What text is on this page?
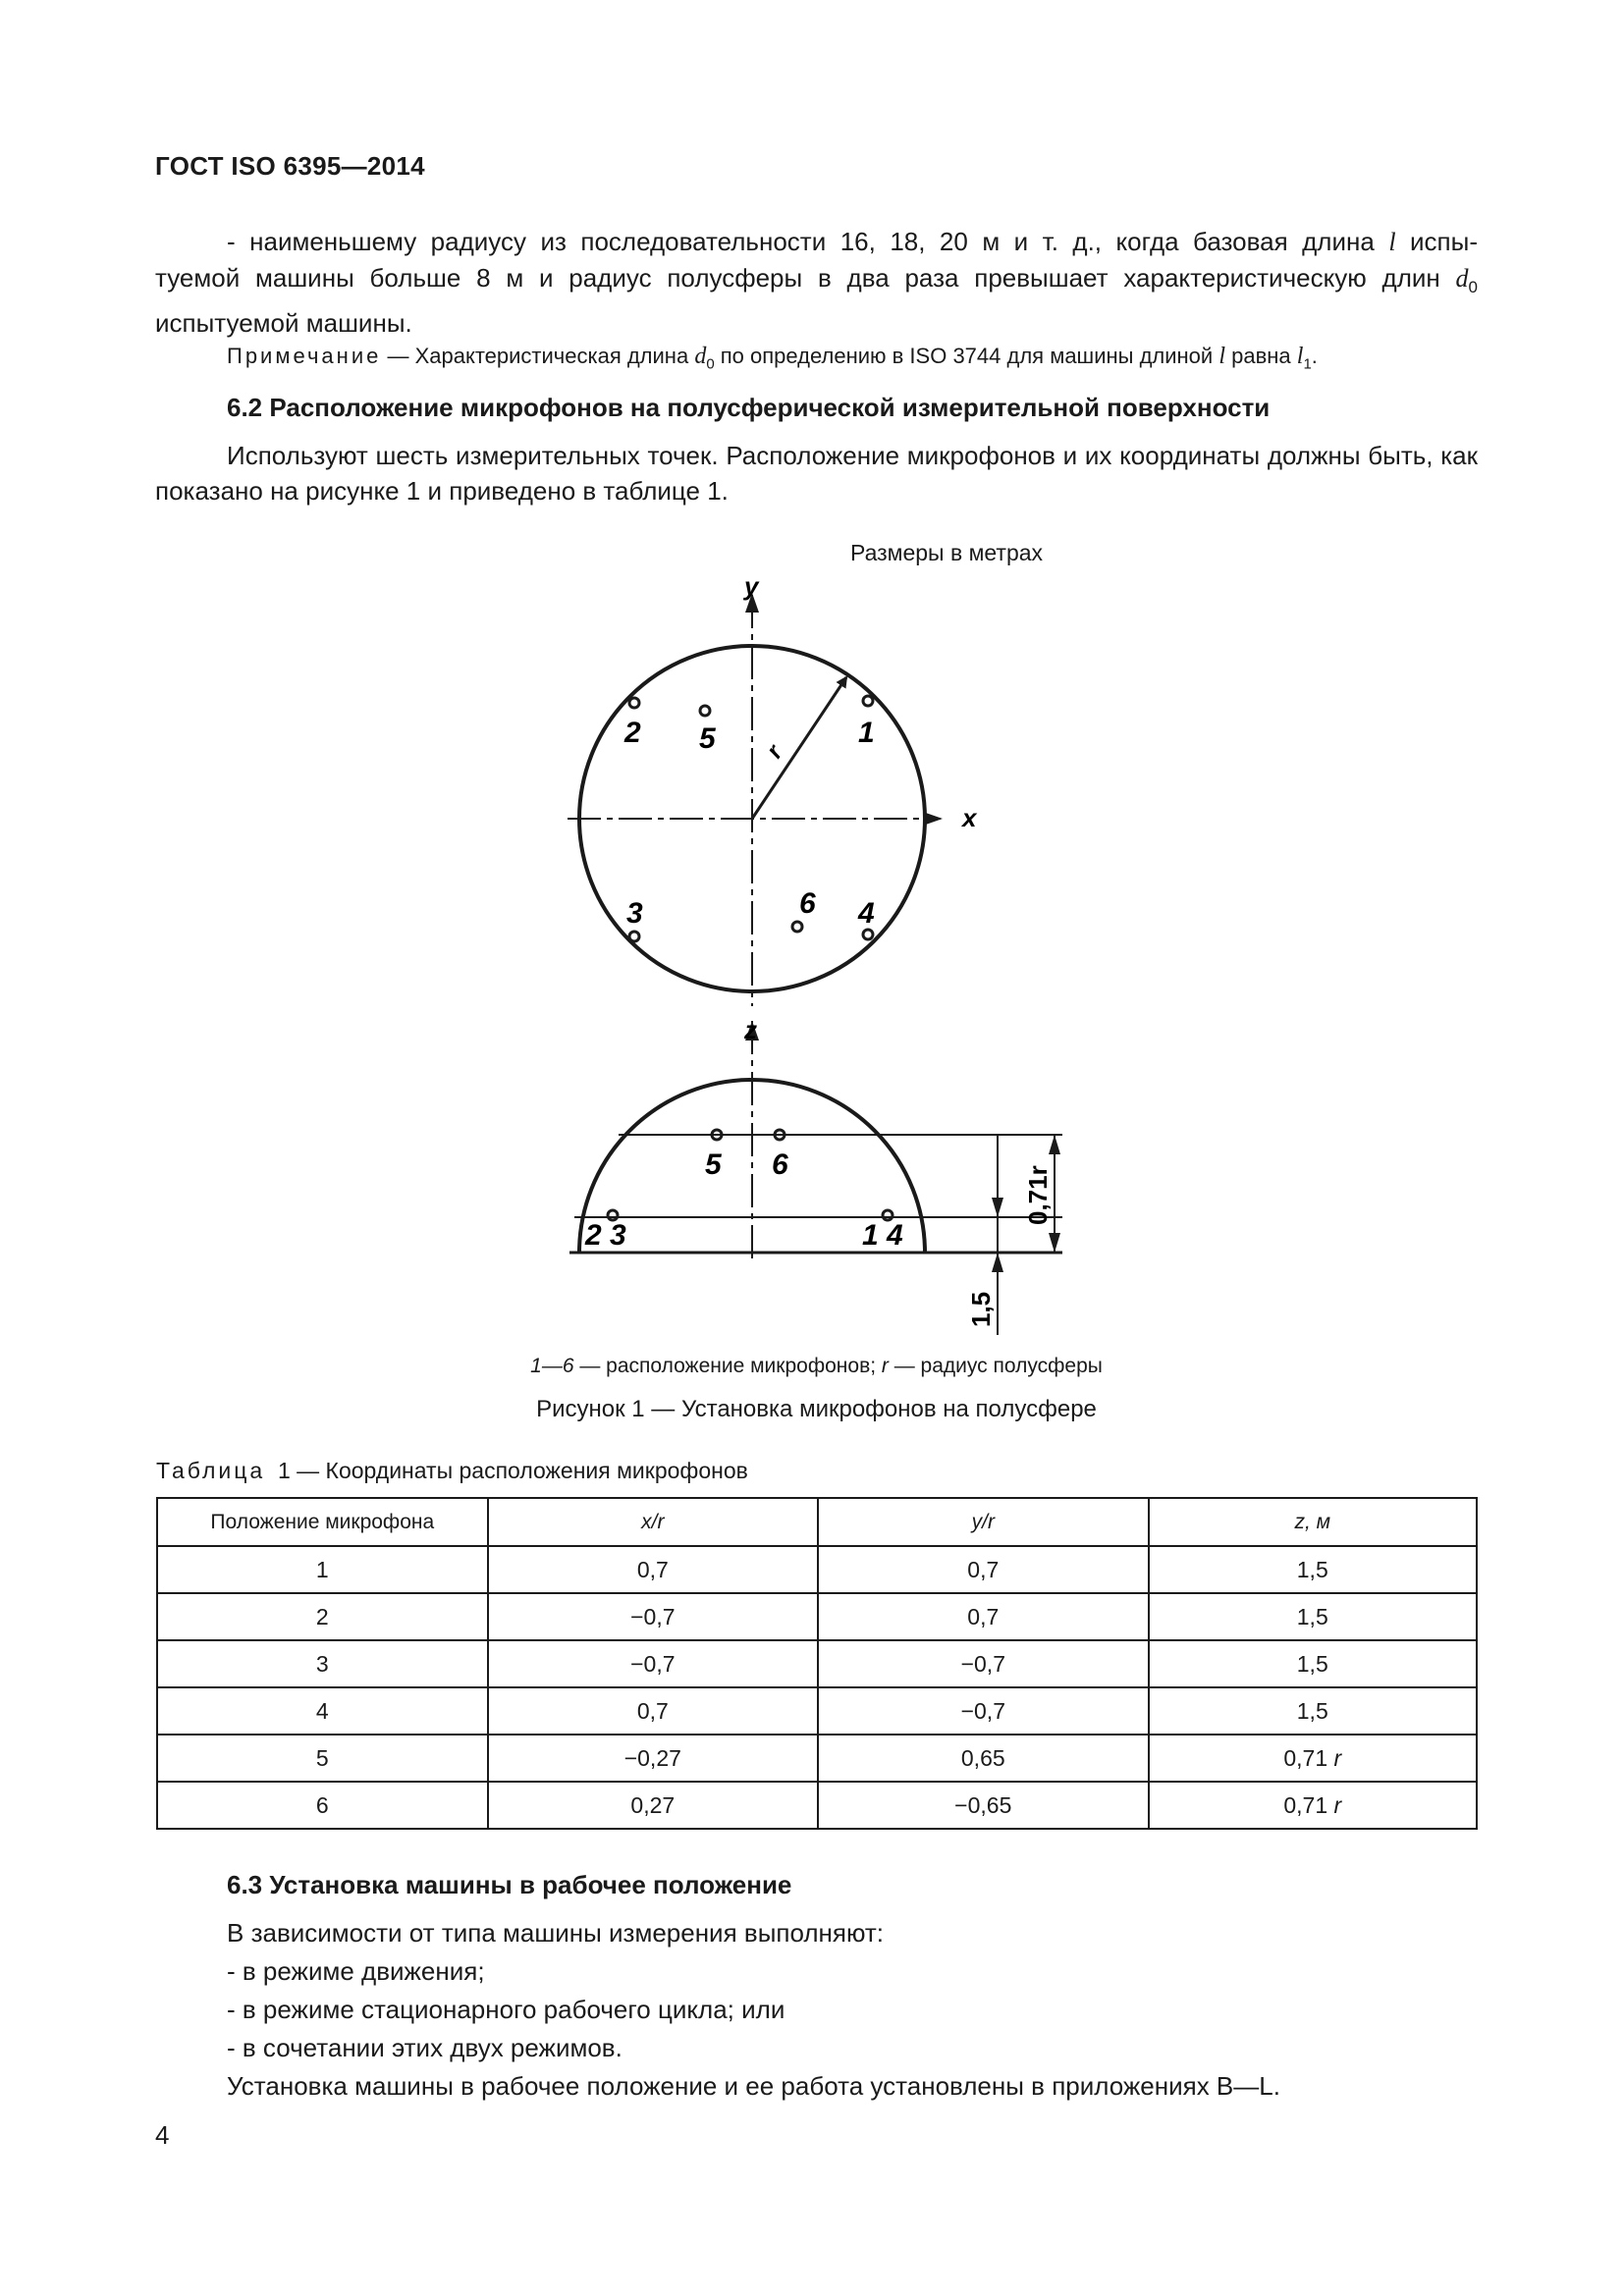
ГОСТ ISO 6395—2014
- наименьшему радиусу из последовательности 16, 18, 20 м и т. д., когда базовая длина l испы-
туемой машины больше 8 м и радиус полусферы в два раза превышает характеристическую длин $d_0$
испытуемой машины.
Примечание — Характеристическая длина $d_0$ по определению в ISO 3744 для машины длиной l равна $l_1$.
6.2 Расположение микрофонов на полусферической измерительной поверхности
Используют шесть измерительных точек. Расположение микрофонов и их координаты должны быть, как показано на рисунке 1 и приведено в таблице 1.
Размеры в метрах
y
x
r
1
2 5
3	4
6
z
2 3	1 4
5 6
0,71r
1,5
1—6 — расположение микрофонов; r — радиус полусферы
Рисунок 1 — Установка микрофонов на полусфере
Таблица 1 — Координаты расположения микрофонов
Положение микрофона	x/r	y/r	z, м
1	0,7	0,7	1,5
2	−0,7	0,7	1,5
3	−0,7	−0,7	1,5
4	0,7	−0,7	1,5
5	−0,27	0,65	0,71 r
6	0,27	−0,65	0,71 r
6.3 Установка машины в рабочее положение
В зависимости от типа машины измерения выполняют:
- в режиме движения;
- в режиме стационарного рабочего цикла; или
- в сочетании этих двух режимов.
Установка машины в рабочее положение и ее работа установлены в приложениях B—L.
4
